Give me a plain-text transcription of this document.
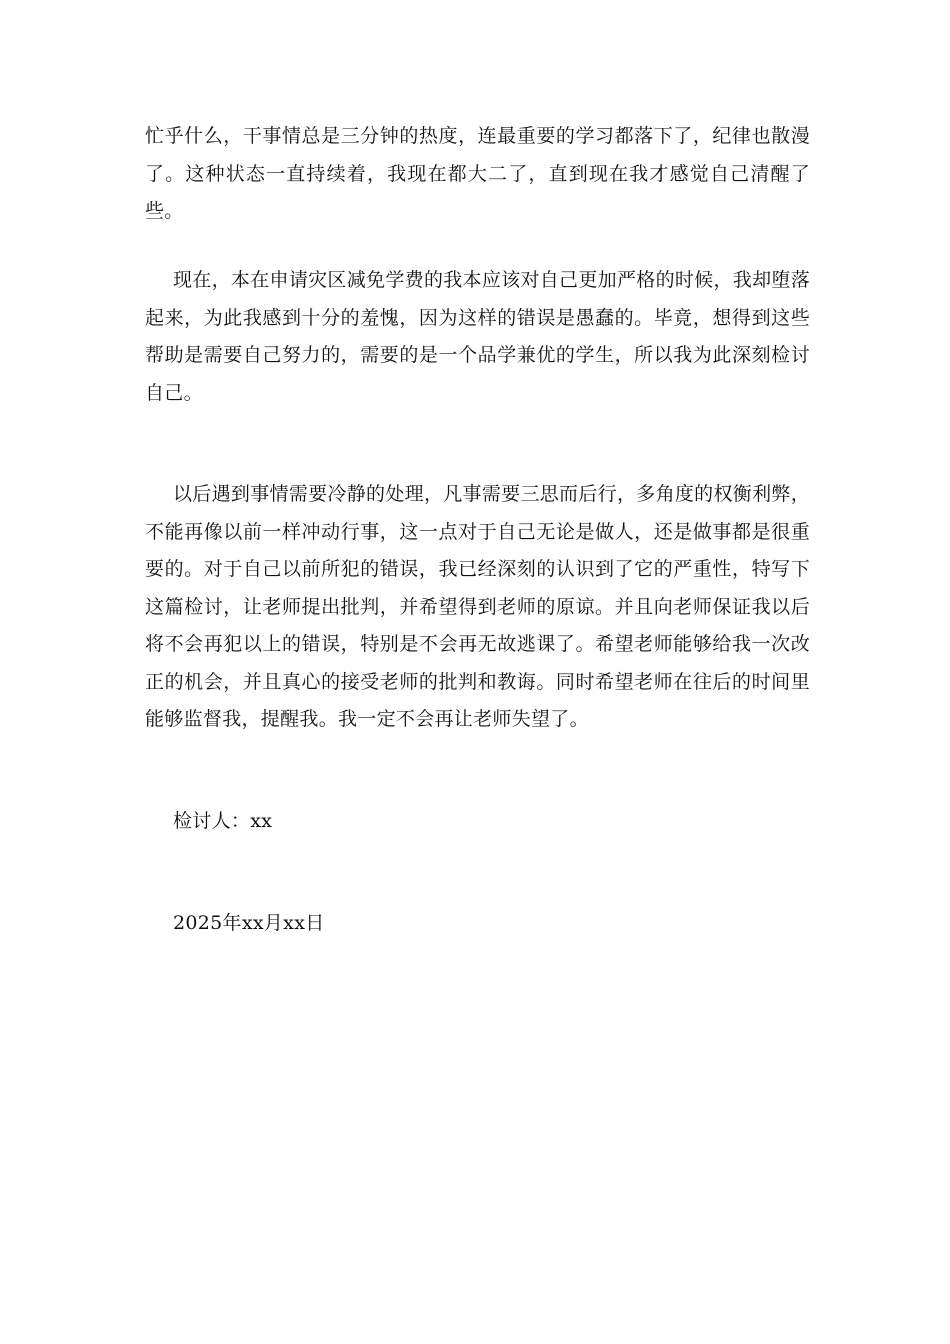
忙乎什么，干事情总是三分钟的热度，连最重要的学习都落下了，纪律也散漫了。这种状态一直持续着，我现在都大二了，直到现在我才感觉自己清醒了些。

现在，本在申请灾区减免学费的我本应该对自己更加严格的时候，我却堕落起来，为此我感到十分的羞愧，因为这样的错误是愚蠢的。毕竟，想得到这些帮助是需要自己努力的，需要的是一个品学兼优的学生，所以我为此深刻检讨自己。

以后遇到事情需要冷静的处理，凡事需要三思而后行，多角度的权衡利弊，不能再像以前一样冲动行事，这一点对于自己无论是做人，还是做事都是很重要的。对于自己以前所犯的错误，我已经深刻的认识到了它的严重性，特写下这篇检讨，让老师提出批判，并希望得到老师的原谅。并且向老师保证我以后将不会再犯以上的错误，特别是不会再无故逃课了。希望老师能够给我一次改正的机会，并且真心的接受老师的批判和教诲。同时希望老师在往后的时间里能够监督我，提醒我。我一定不会再让老师失望了。

检讨人：xx

2025年xx月xx日
